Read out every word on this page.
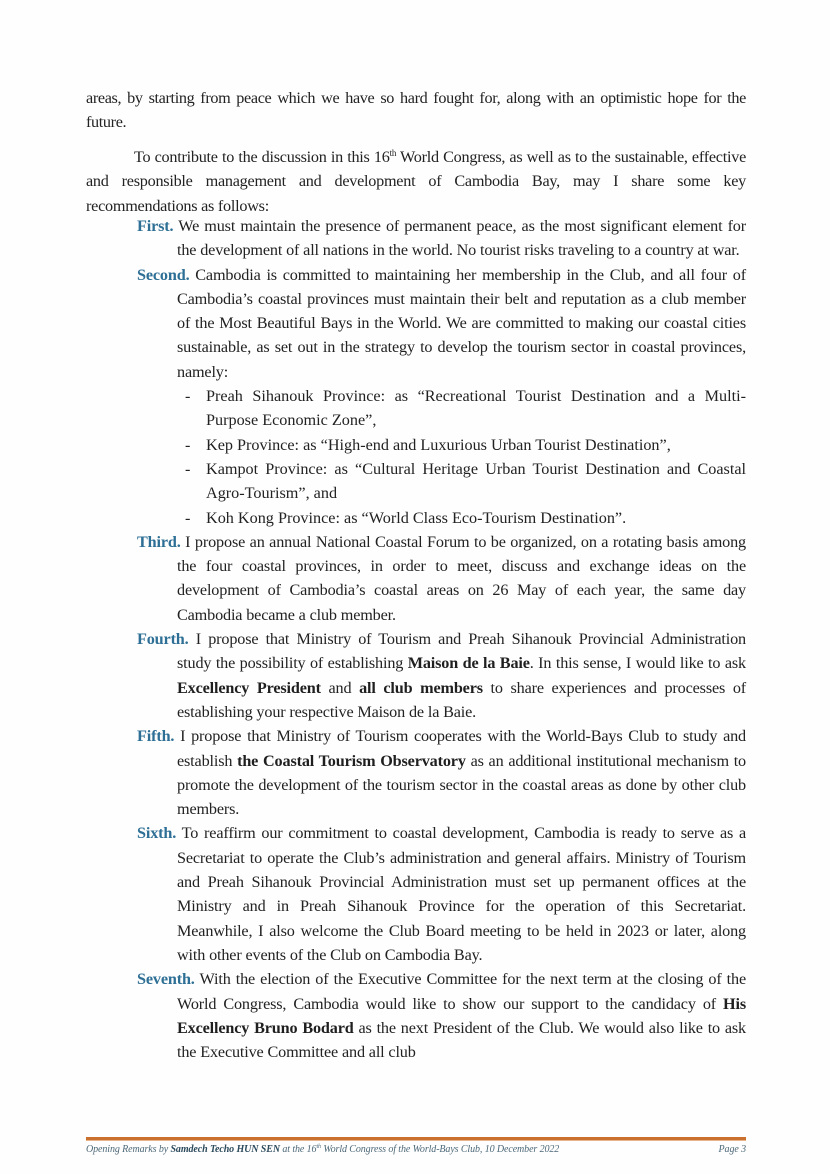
areas, by starting from peace which we have so hard fought for, along with an optimistic hope for the future.

To contribute to the discussion in this 16th World Congress, as well as to the sustainable, effective and responsible management and development of Cambodia Bay, may I share some key recommendations as follows:

First. We must maintain the presence of permanent peace, as the most significant element for the development of all nations in the world. No tourist risks traveling to a country at war.
Second. Cambodia is committed to maintaining her membership in the Club, and all four of Cambodia’s coastal provinces must maintain their belt and reputation as a club member of the Most Beautiful Bays in the World. We are committed to making our coastal cities sustainable, as set out in the strategy to develop the tourism sector in coastal provinces, namely:
- Preah Sihanouk Province: as “Recreational Tourist Destination and a Multi-Purpose Economic Zone”,
- Kep Province: as “High-end and Luxurious Urban Tourist Destination”,
- Kampot Province: as “Cultural Heritage Urban Tourist Destination and Coastal Agro-Tourism”, and
- Koh Kong Province: as “World Class Eco-Tourism Destination”.
Third. I propose an annual National Coastal Forum to be organized, on a rotating basis among the four coastal provinces, in order to meet, discuss and exchange ideas on the development of Cambodia’s coastal areas on 26 May of each year, the same day Cambodia became a club member.
Fourth. I propose that Ministry of Tourism and Preah Sihanouk Provincial Administration study the possibility of establishing Maison de la Baie. In this sense, I would like to ask Excellency President and all club members to share experiences and processes of establishing your respective Maison de la Baie.
Fifth. I propose that Ministry of Tourism cooperates with the World-Bays Club to study and establish the Coastal Tourism Observatory as an additional institutional mechanism to promote the development of the tourism sector in the coastal areas as done by other club members.
Sixth. To reaffirm our commitment to coastal development, Cambodia is ready to serve as a Secretariat to operate the Club’s administration and general affairs. Ministry of Tourism and Preah Sihanouk Provincial Administration must set up permanent offices at the Ministry and in Preah Sihanouk Province for the operation of this Secretariat. Meanwhile, I also welcome the Club Board meeting to be held in 2023 or later, along with other events of the Club on Cambodia Bay.
Seventh. With the election of the Executive Committee for the next term at the closing of the World Congress, Cambodia would like to show our support to the candidacy of His Excellency Bruno Bodard as the next President of the Club. We would also like to ask the Executive Committee and all club
Opening Remarks by Samdech Techo HUN SEN at the 16th World Congress of the World-Bays Club, 10 December 2022	Page 3
